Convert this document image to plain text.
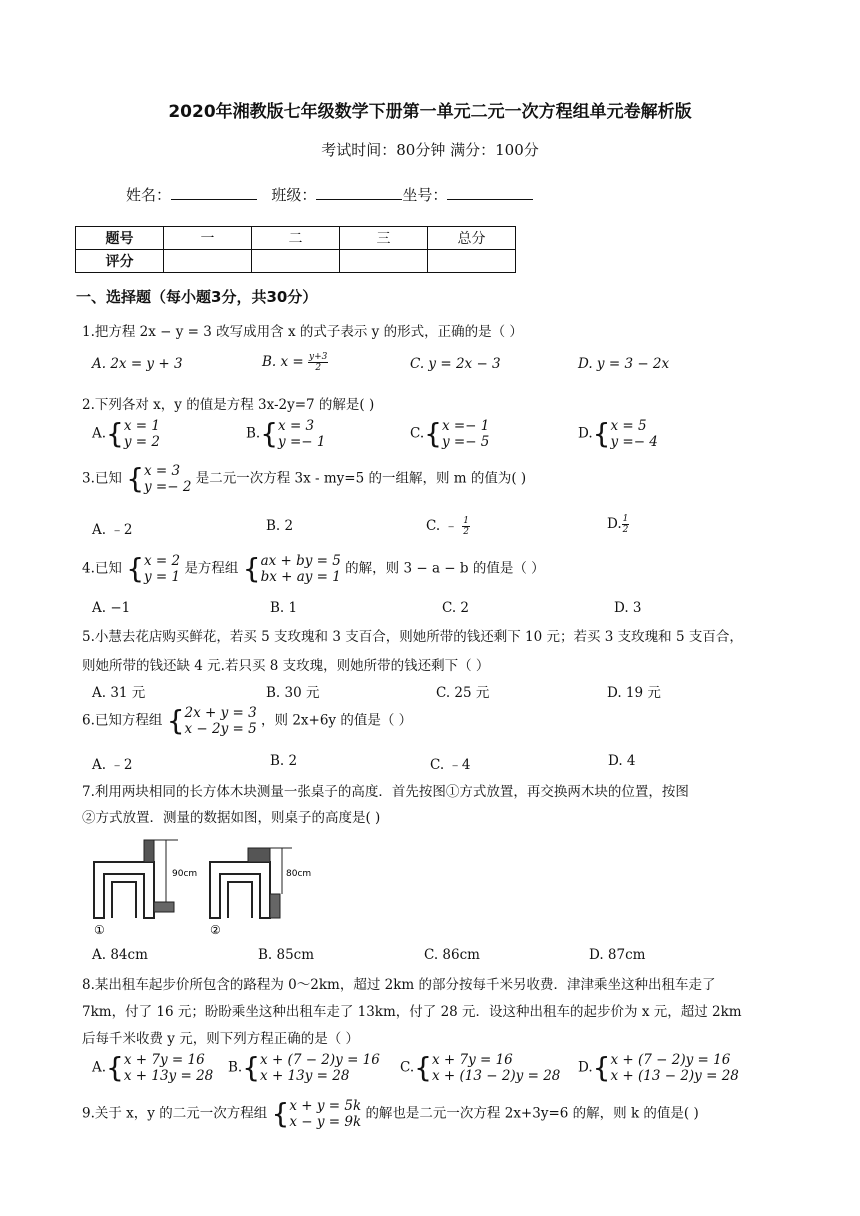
2020年湘教版七年级数学下册第一单元二元一次方程组单元卷解析版
考试时间：80分钟 满分：100分
姓名：	班级：	坐号：
题号	一	二	三	总分
评分				
一、选择题（每小题3分，共30分）
1.把方程 2x − y = 3 改写成用含 x 的式子表示 y 的形式，正确的是（ ）
A. 2x = y + 3	B. $x = \frac{y+3}{2}$	C. y = 2x − 3	D. y = 3 − 2x
2.下列各对 x，y 的值是方程 3x-2y=7 的解是( )
A.{x = 1
y = 2
B.{x = 3
y =− 1
C.{x =− 1
y =− 5
D.{x = 5
y =− 4
3.已知 {x = 3
y =− 2 是二元一次方程 3x - my=5 的一组解，则 m 的值为( )
A. ﹣2	B. 2	C. ﹣ $\frac{1}{2}$	D. $\frac{1}{2}$
4.已知 {x = 2
y = 1 是方程组 {ax + by = 5
bx + ay = 1 的解，则 3 − a − b 的值是（ ）
A. −1	B. 1	C. 2	D. 3
5.小慧去花店购买鲜花，若买 5 支玫瑰和 3 支百合，则她所带的钱还剩下 10 元；若买 3 支玫瑰和 5 支百合，
则她所带的钱还缺 4 元.若只买 8 支玫瑰，则她所带的钱还剩下（ ）
A. 31 元	B. 30 元	C. 25 元	D. 19 元
6.已知方程组 {2x + y = 3
x − 2y = 5 ，则 2x+6y 的值是（ ）
A. ﹣2	B. 2	C. ﹣4	D. 4
7.利用两块相同的长方体木块测量一张桌子的高度．首先按图①方式放置，再交换两木块的位置，按图
②方式放置．测量的数据如图，则桌子的高度是( )
90cm
①
80cm
②
A. 84cm	B. 85cm	C. 86cm	D. 87cm
8.某出租车起步价所包含的路程为 0～2km，超过 2km 的部分按每千米另收费．津津乘坐这种出租车走了
7km，付了 16 元；盼盼乘坐这种出租车走了 13km，付了 28 元．设这种出租车的起步价为 x 元，超过 2km
后每千米收费 y 元，则下列方程正确的是（ ）
A.{x + 7y = 16
x + 13y = 28
B.{x + (7 − 2)y = 16
x + 13y = 28
C.{x + 7y = 16
x + (13 − 2)y = 28
D.{x + (7 − 2)y = 16
x + (13 − 2)y = 28
9.关于 x，y 的二元一次方程组 {x + y = 5k
x − y = 9k 的解也是二元一次方程 2x+3y=6 的解，则 k 的值是( )
